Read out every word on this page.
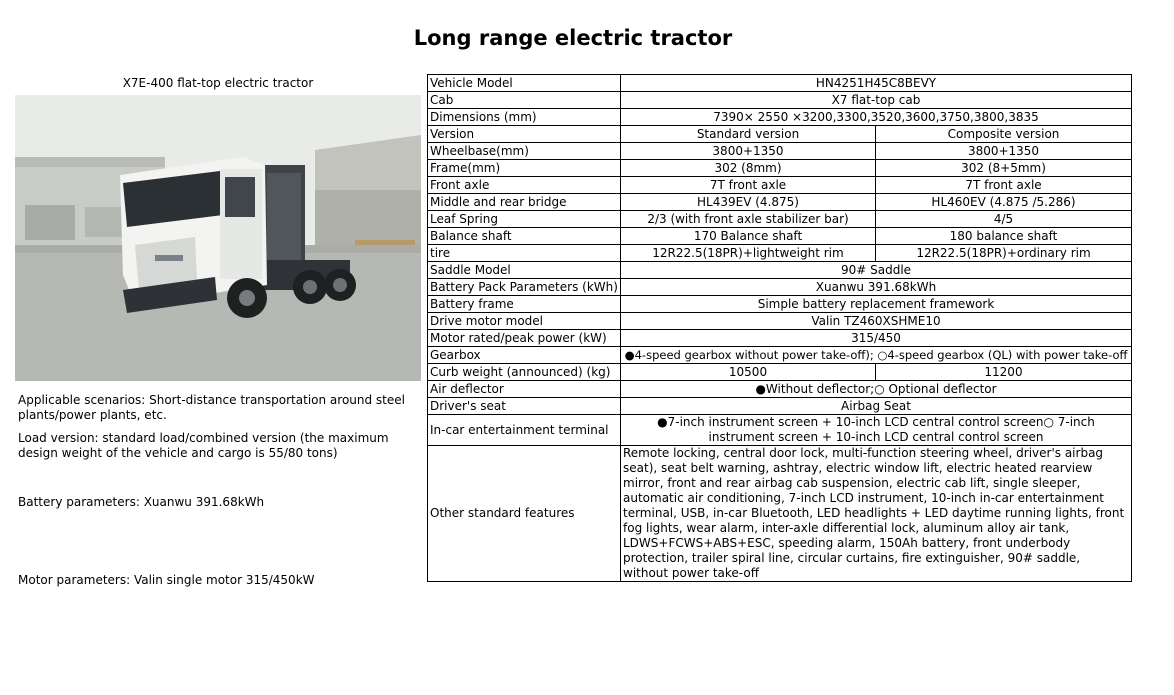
Long range electric tractor
X7E-400 flat-top electric tractor
Applicable scenarios: Short-distance transportation around steel plants/power plants, etc.
Load version: standard load/combined version (the maximum design weight of the vehicle and cargo is 55/80 tons)
Battery parameters: Xuanwu 391.68kWh
Motor parameters: Valin single motor 315/450kW
Vehicle Model	HN4251H45C8BEVY	
Cab	X7 flat-top cab	
Dimensions (mm)	7390× 2550 ×3200,3300,3520,3600,3750,3800,3835	
Version	Standard version	Composite version
Wheelbase(mm)	3800+1350	3800+1350
Frame(mm)	302 (8mm)	302 (8+5mm)
Front axle	7T front axle	7T front axle
Middle and rear bridge	HL439EV (4.875)	HL460EV (4.875 /5.286)
Leaf Spring	2/3 (with front axle stabilizer bar)	4/5
Balance shaft	170 Balance shaft	180 balance shaft
tire	12R22.5(18PR)+lightweight rim	12R22.5(18PR)+ordinary rim
Saddle Model	90# Saddle	
Battery Pack Parameters (kWh)	Xuanwu 391.68kWh	
Battery frame	Simple battery replacement framework	
Drive motor model	Valin TZ460XSHME10	
Motor rated/peak power (kW)	315/450	
Gearbox	●4-speed gearbox without power take-off); ○4-speed gearbox (QL) with power take-off	
Curb weight (announced) (kg)	10500	11200
Air deflector	●Without deflector;○ Optional deflector	
Driver's seat	Airbag Seat	
In-car entertainment terminal	●7-inch instrument screen + 10-inch LCD central control screen○ 7-inch instrument screen + 10-inch LCD central control screen	
Other standard features	Remote locking, central door lock, multi-function steering wheel, driver's airbag seat), seat belt warning, ashtray, electric window lift, electric heated rearview mirror, front and rear airbag cab suspension, electric cab lift, single sleeper, automatic air conditioning, 7-inch LCD instrument, 10-inch in-car entertainment terminal, USB, in-car Bluetooth, LED headlights + LED daytime running lights, front fog lights, wear alarm, inter-axle differential lock, aluminum alloy air tank, LDWS+FCWS+ABS+ESC, speeding alarm, 150Ah battery, front underbody protection, trailer spiral line, circular curtains, fire extinguisher, 90# saddle, without power take-off	
